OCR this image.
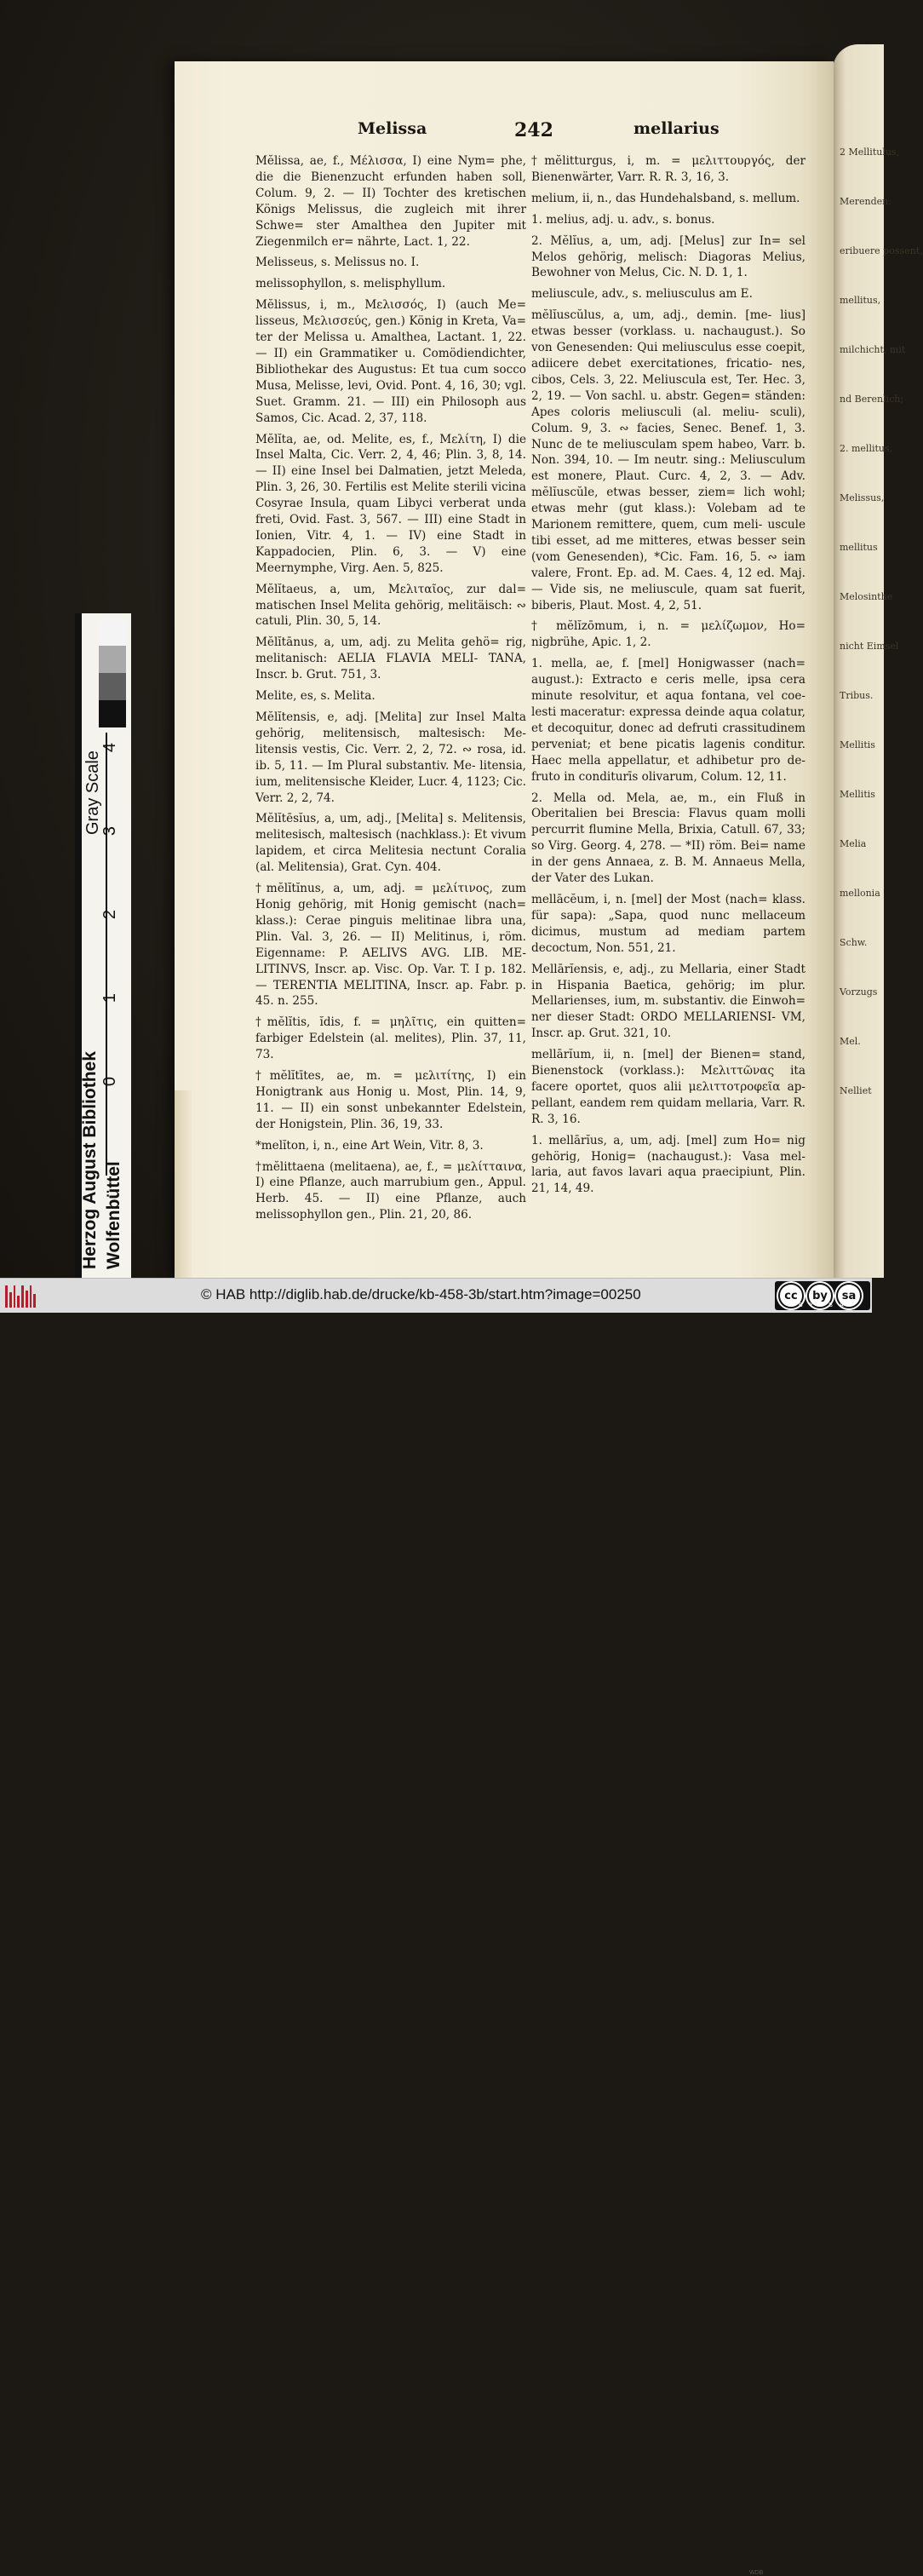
2 Mellitulus,
Merenden:
eribuere possent,
mellitus,
milchicht, mit
nd Berenlich;
2. mellitus,
Melissus,
mellitus
Melosinthe
nicht Eimsel
Tribus.
Mellitis
Mellitis
Melia
mellonia
Schw.
Vorzugs
Mel.
Nelliet
Melissa	242	mellarius

Mĕlissa, ae, f., Μέλισσα, I) eine Nym= phe, die die Bienenzucht erfunden haben soll, Colum. 9, 2. — II) Tochter des kretischen Königs Melissus, die zugleich mit ihrer Schwe= ster Amalthea den Jupiter mit Ziegenmilch er= nährte, Lact. 1, 22.

Melisseus, s. Melissus no. I.

melissophyllon, s. melisphyllum.

Mĕlissus, i, m., Μελισσός, I) (auch Me= lisseus, Μελισσεύς, gen.) König in Kreta, Va= ter der Melissa u. Amalthea, Lactant. 1, 22. — II) ein Grammatiker u. Comödiendichter, Bibliothekar des Augustus: Et tua cum socco Musa, Melisse, levi, Ovid. Pont. 4, 16, 30; vgl. Suet. Gramm. 21. — III) ein Philosoph aus Samos, Cic. Acad. 2, 37, 118.

Mĕlĭta, ae, od. Melite, es, f., Μελίτη, I) die Insel Malta, Cic. Verr. 2, 4, 46; Plin. 3, 8, 14. — II) eine Insel bei Dalmatien, jetzt Meleda, Plin. 3, 26, 30. Fertilis est Melite sterili vicina Cosyrae Insula, quam Libyci verberat unda freti, Ovid. Fast. 3, 567. — III) eine Stadt in Ionien, Vitr. 4, 1. — IV) eine Stadt in Kappadocien, Plin. 6, 3. — V) eine Meernymphe, Virg. Aen. 5, 825.

Mĕlĭtaeus, a, um, Μελιταῖος, zur dal= matischen Insel Melita gehörig, melitäisch: ∾ catuli, Plin. 30, 5, 14.

Mĕlĭtānus, a, um, adj. zu Melita gehö= rig, melitanisch: AELIA FLAVIA MELI- TANA, Inscr. b. Grut. 751, 3.

Melite, es, s. Melita.

Mĕlĭtensis, e, adj. [Melita] zur Insel Malta gehörig, melitensisch, maltesisch: Me- litensis vestis, Cic. Verr. 2, 2, 72. ∾ rosa, id. ib. 5, 11. — Im Plural substantiv. Me- litensia, ium, melitensische Kleider, Lucr. 4, 1123; Cic. Verr. 2, 2, 74.

Mĕlĭtēsĭus, a, um, adj., [Melita] s. Melitensis, melitesisch, maltesisch (nachklass.): Et vivum lapidem, et circa Melitesia nectunt Coralia (al. Melitensia), Grat. Cyn. 404.

†mĕlĭtĭnus, a, um, adj. = μελίτινος, zum Honig gehörig, mit Honig gemischt (nach= klass.): Cerae pinguis melitinae libra una, Plin. Val. 3, 26. — II) Melitinus, i, röm. Eigenname: P. AELIVS AVG. LIB. ME- LITINVS, Inscr. ap. Visc. Op. Var. T. I p. 182. — TERENTIA MELITINA, Inscr. ap. Fabr. p. 45. n. 255.

†mĕlĭtis, ĭdis, f. = μηλῖτις, ein quitten= farbiger Edelstein (al. melites), Plin. 37, 11, 73.

†mĕlĭtītes, ae, m. = μελιτίτης, I) ein Honigtrank aus Honig u. Most, Plin. 14, 9, 11. — II) ein sonst unbekannter Edelstein, der Honigstein, Plin. 36, 19, 33.

*melĭton, i, n., eine Art Wein, Vitr. 8, 3.

†mĕlittaena (melitaena), ae, f., = μελίτταινα, I) eine Pflanze, auch marrubium gen., Appul. Herb. 45. — II) eine Pflanze, auch melissophyllon gen., Plin. 21, 20, 86.

†mĕlitturgus, i, m. = μελιττουργός, der Bienenwärter, Varr. R. R. 3, 16, 3.

melium, ii, n., das Hundehalsband, s. mellum.

1. melius, adj. u. adv., s. bonus.

2. Mĕlĭus, a, um, adj. [Melus] zur In= sel Melos gehörig, melisch: Diagoras Melius, Bewohner von Melus, Cic. N. D. 1, 1.

meliuscule, adv., s. meliusculus am E.

mĕlĭuscŭlus, a, um, adj., demin. [me- lius] etwas besser (vorklass. u. nachaugust.). So von Genesenden: Qui meliusculus esse coepit, adiicere debet exercitationes, fricatio- nes, cibos, Cels. 3, 22. Meliuscula est, Ter. Hec. 3, 2, 19. — Von sachl. u. abstr. Gegen= ständen: Apes coloris meliusculi (al. meliu- sculi), Colum. 9, 3. ∾ facies, Senec. Benef. 1, 3. Nunc de te meliusculam spem habeo, Varr. b. Non. 394, 10. — Im neutr. sing.: Meliusculum est monere, Plaut. Curc. 4, 2, 3. — Adv. mĕlĭuscŭle, etwas besser, ziem= lich wohl; etwas mehr (gut klass.): Volebam ad te Marionem remittere, quem, cum meli- uscule tibi esset, ad me mitteres, etwas besser sein (vom Genesenden), *Cic. Fam. 16, 5. ∾ iam valere, Front. Ep. ad. M. Caes. 4, 12 ed. Maj. — Vide sis, ne meliuscule, quam sat fuerit, biberis, Plaut. Most. 4, 2, 51.

† mĕlĭzōmum, i, n. = μελίζωμον, Ho= nigbrühe, Apic. 1, 2.

1. mella, ae, f. [mel] Honigwasser (nach= august.): Extracto e ceris melle, ipsa cera minute resolvitur, et aqua fontana, vel coe- lesti maceratur: expressa deinde aqua colatur, et decoquitur, donec ad defruti crassitudinem perveniat; et bene picatis lagenis conditur. Haec mella appellatur, et adhibetur pro de- fruto in conditurīs olivarum, Colum. 12, 11.

2. Mella od. Mela, ae, m., ein Fluß in Oberitalien bei Brescia: Flavus quam molli percurrit flumine Mella, Brixia, Catull. 67, 33; so Virg. Georg. 4, 278. — *II) röm. Bei= name in der gens Annaea, z. B. M. Annaeus Mella, der Vater des Lukan.

mellācĕum, i, n. [mel] der Most (nach= klass. für sapa): „Sapa, quod nunc mellaceum dicimus, mustum ad mediam partem decoctum, Non. 551, 21.

Mellārĭensis, e, adj., zu Mellaria, einer Stadt in Hispania Baetica, gehörig; im plur. Mellarienses, ium, m. substantiv. die Einwoh= ner dieser Stadt: ORDO MELLARIENSI- VM, Inscr. ap. Grut. 321, 10.

mellārĭum, ii, n. [mel] der Bienen= stand, Bienenstock (vorklass.): Μελιττῶνας ita facere oportet, quos alii μελιττοτροφεῖα ap- pellant, eandem rem quidam mellaria, Varr. R. R. 3, 16.

1. mellārĭus, a, um, adj. [mel] zum Ho= nig gehörig, Honig= (nachaugust.): Vasa mel- laria, aut favos lavari aqua praecipiunt, Plin. 21, 14, 49.

Gray Scale
4
3
2
1
0
Herzog August Bibliothek Wolfenbüttel
© HAB http://diglib.hab.de/drucke/kb-458-3b/start.htm?image=00250
WDB
cc	by	sa
BY SA
